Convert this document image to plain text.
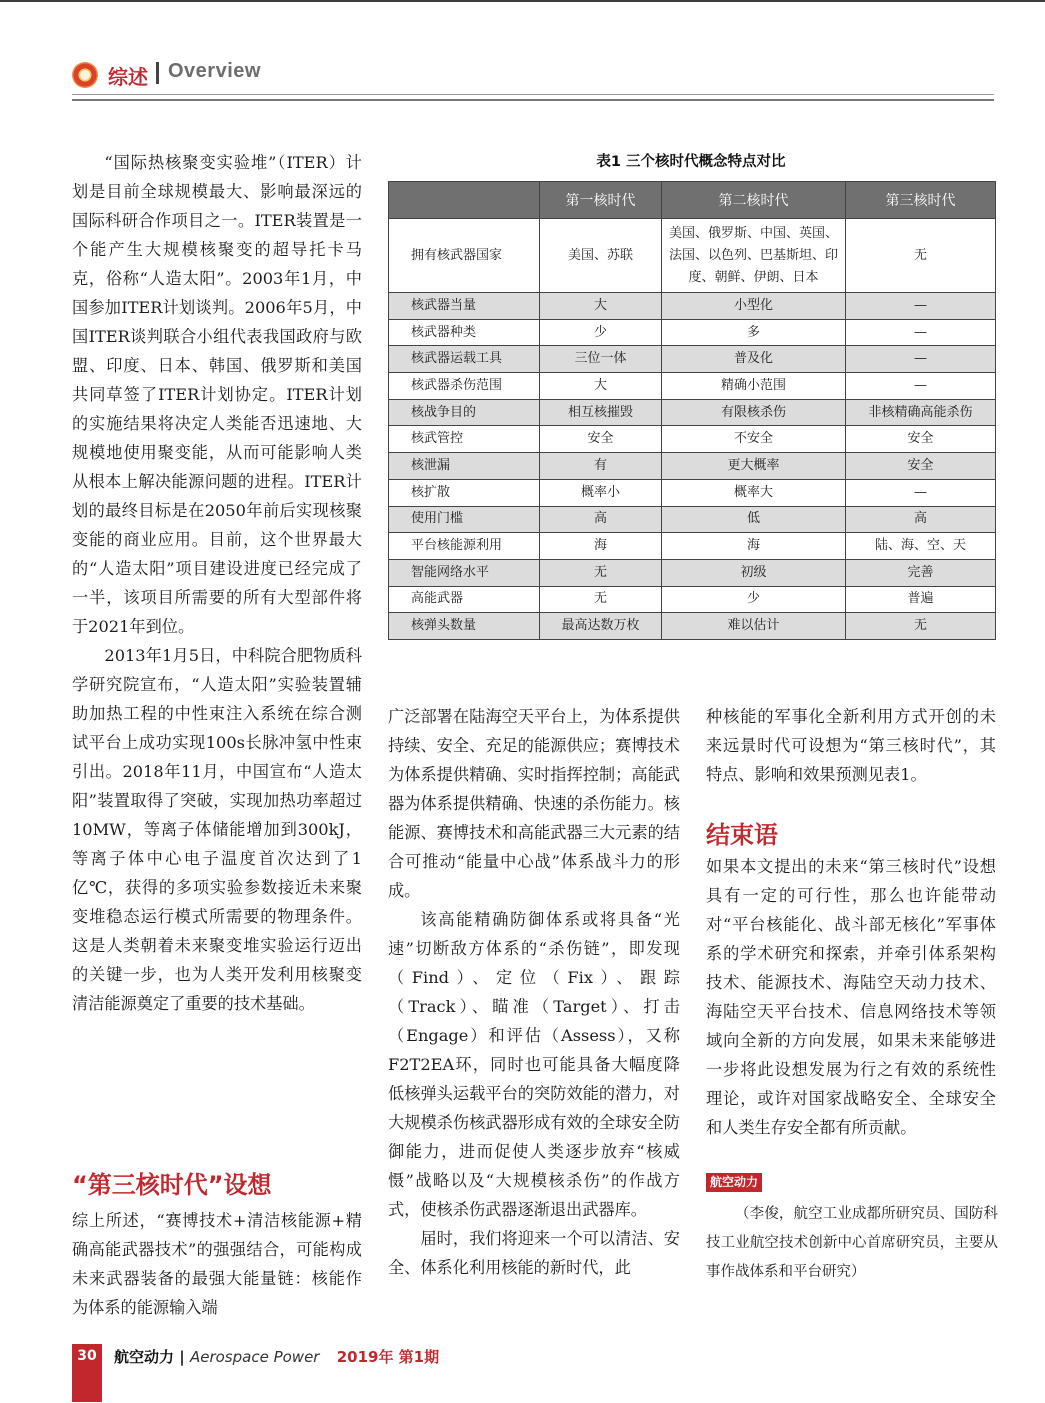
综述 Overview

“国际热核聚变实验堆”（ITER）计划是目前全球规模最大、影响最深远的国际科研合作项目之一。ITER装置是一个能产生大规模核聚变的超导托卡马克，俗称“人造太阳”。2003年1月，中国参加ITER计划谈判。2006年5月，中国ITER谈判联合小组代表我国政府与欧盟、印度、日本、韩国、俄罗斯和美国共同草签了ITER计划协定。ITER计划的实施结果将决定人类能否迅速地、大规模地使用聚变能，从而可能影响人类从根本上解决能源问题的进程。ITER计划的最终目标是在2050年前后实现核聚变能的商业应用。目前，这个世界最大的“人造太阳”项目建设进度已经完成了一半，该项目所需要的所有大型部件将于2021年到位。

2013年1月5日，中科院合肥物质科学研究院宣布，“人造太阳”实验装置辅助加热工程的中性束注入系统在综合测试平台上成功实现100s长脉冲氢中性束引出。2018年11月，中国宣布“人造太阳”装置取得了突破，实现加热功率超过10MW，等离子体储能增加到300kJ，等离子体中心电子温度首次达到了1亿℃，获得的多项实验参数接近未来聚变堆稳态运行模式所需要的物理条件。这是人类朝着未来聚变堆实验运行迈出的关键一步，也为人类开发利用核聚变清洁能源奠定了重要的技术基础。

“第三核时代”设想

综上所述，“赛博技术+清洁核能源+精确高能武器技术”的强强结合，可能构成未来武器装备的最强大能量链：核能作为体系的能源输入端

表1 三个核时代概念特点对比
	第一核时代	第二核时代	第三核时代
拥有核武器国家	美国、苏联	美国、俄罗斯、中国、英国、法国、以色列、巴基斯坦、印度、朝鲜、伊朗、日本	无
核武器当量	大	小型化	—
核武器种类	少	多	—
核武器运载工具	三位一体	普及化	—
核武器杀伤范围	大	精确小范围	—
核战争目的	相互核摧毁	有限核杀伤	非核精确高能杀伤
核武管控	安全	不安全	安全
核泄漏	有	更大概率	安全
核扩散	概率小	概率大	—
使用门槛	高	低	高
平台核能源利用	海	海	陆、海、空、天
智能网络水平	无	初级	完善
高能武器	无	少	普遍
核弹头数量	最高达数万枚	难以估计	无

广泛部署在陆海空天平台上，为体系提供持续、安全、充足的能源供应；赛博技术为体系提供精确、实时指挥控制；高能武器为体系提供精确、快速的杀伤能力。核能源、赛博技术和高能武器三大元素的结合可推动“能量中心战”体系战斗力的形成。

该高能精确防御体系或将具备“光速”切断敌方体系的“杀伤链”，即发现（Find）、定位（Fix）、跟踪（Track）、瞄准（Target）、打击（Engage）和评估（Assess），又称F2T2EA环，同时也可能具备大幅度降低核弹头运载平台的突防效能的潜力，对大规模杀伤核武器形成有效的全球安全防御能力，进而促使人类逐步放弃“核威慑”战略以及“大规模核杀伤”的作战方式，使核杀伤武器逐渐退出武器库。

届时，我们将迎来一个可以清洁、安全、体系化利用核能的新时代，此

种核能的军事化全新利用方式开创的未来远景时代可设想为“第三核时代”，其特点、影响和效果预测见表1。

结束语

如果本文提出的未来“第三核时代”设想具有一定的可行性，那么也许能带动对“平台核能化、战斗部无核化”军事体系的学术研究和探索，并牵引体系架构技术、能源技术、海陆空天动力技术、海陆空天平台技术、信息网络技术等领域向全新的方向发展，如果未来能够进一步将此设想发展为行之有效的系统性理论，或许对国家战略安全、全球安全和人类生存安全都有所贡献。

航空动力

（李俊，航空工业成都所研究员、国防科技工业航空技术创新中心首席研究员，主要从事作战体系和平台研究）

30	航空动力 | Aerospace Power 2019年 第1期
